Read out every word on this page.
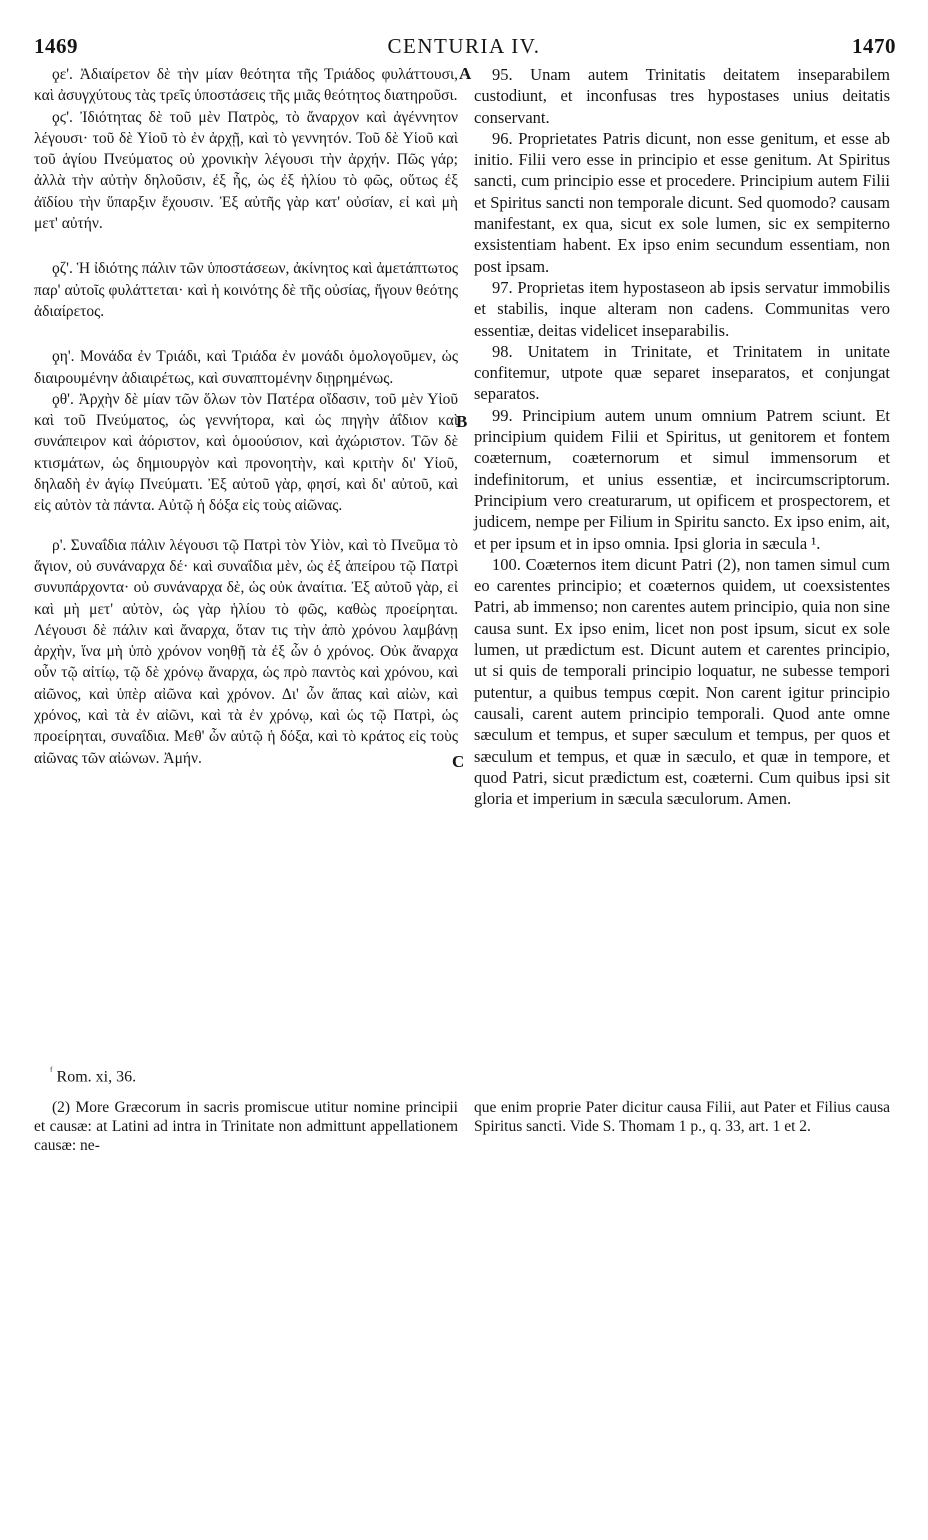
1469	CENTURIA IV.	1470

ϙε'. Ἀδιαίρετον δὲ τὴν μίαν θεότητα τῆς Τριάδος φυλάττουσι, καὶ ἀσυγχύτους τὰς τρεῖς ὑποστάσεις τῆς μιᾶς θεότητος διατηροῦσι.

ϙϛ'. Ἰδιότητας δὲ τοῦ μὲν Πατρὸς, τὸ ἄναρχον καὶ ἀγέννητον λέγουσι· τοῦ δὲ Υἱοῦ τὸ ἐν ἀρχῇ, καὶ τὸ γεννητόν. Τοῦ δὲ Υἱοῦ καὶ τοῦ ἁγίου Πνεύματος οὐ χρονικὴν λέγουσι τὴν ἀρχήν. Πῶς γάρ; ἀλλὰ τὴν αὐτὴν δηλοῦσιν, ἐξ ἧς, ὡς ἐξ ἡλίου τὸ φῶς, οὕτως ἐξ ἀϊδίου τὴν ὕπαρξιν ἔχουσιν. Ἐξ αὐτῆς γὰρ κατ' οὐσίαν, εἰ καὶ μὴ μετ' αὐτήν.

ϙζ'. Ἡ ἰδιότης πάλιν τῶν ὑποστάσεων, ἀκίνητος καὶ ἀμετάπτωτος παρ' αὐτοῖς φυλάττεται· καὶ ἡ κοινότης δὲ τῆς οὐσίας, ἤγουν θεότης ἀδιαίρετος.

ϙη'. Μονάδα ἐν Τριάδι, καὶ Τριάδα ἐν μονάδι ὁμολογοῦμεν, ὡς διαιρουμένην ἀδιαιρέτως, καὶ συναπτομένην διῃρημένως.

ϙθ'. Ἀρχὴν δὲ μίαν τῶν ὅλων τὸν Πατέρα οἴδασιν, τοῦ μὲν Υἱοῦ καὶ τοῦ Πνεύματος, ὡς γεννήτορα, καὶ ὡς πηγὴν ἀΐδιον καὶ συνάπειρον καὶ ἀόριστον, καὶ ὁμοούσιον, καὶ ἀχώριστον. Τῶν δὲ κτισμάτων, ὡς δημιουργὸν καὶ προνοητὴν, καὶ κριτὴν δι' Υἱοῦ, δηλαδὴ ἐν ἁγίῳ Πνεύματι. Ἐξ αὐτοῦ γὰρ, φησί, καὶ δι' αὐτοῦ, καὶ εἰς αὐτὸν τὰ πάντα. Αὐτῷ ἡ δόξα εἰς τοὺς αἰῶνας.

ρ'. Συναΐδια πάλιν λέγουσι τῷ Πατρὶ τὸν Υἱὸν, καὶ τὸ Πνεῦμα τὸ ἅγιον, οὐ συνάναρχα δέ· καὶ συναΐδια μὲν, ὡς ἐξ ἀπείρου τῷ Πατρὶ συνυπάρχοντα· οὐ συνάναρχα δὲ, ὡς οὐκ ἀναίτια. Ἐξ αὐτοῦ γὰρ, εἰ καὶ μὴ μετ' αὐτὸν, ὡς γὰρ ἡλίου τὸ φῶς, καθὼς προείρηται. Λέγουσι δὲ πάλιν καὶ ἄναρχα, ὅταν τις τὴν ἀπὸ χρόνου λαμβάνῃ ἀρχὴν, ἵνα μὴ ὑπὸ χρόνον νοηθῇ τὰ ἐξ ὧν ὁ χρόνος. Οὐκ ἄναρχα οὖν τῷ αἰτίῳ, τῷ δὲ χρόνῳ ἄναρχα, ὡς πρὸ παντὸς καὶ χρόνου, καὶ αἰῶνος, καὶ ὑπὲρ αἰῶνα καὶ χρόνον. Δι' ὧν ἅπας καὶ αἰὼν, καὶ χρόνος, καὶ τὰ ἐν αἰῶνι, καὶ τὰ ἐν χρόνῳ, καὶ ὡς τῷ Πατρὶ, ὡς προείρηται, συναΐδια. Μεθ' ὧν αὐτῷ ἡ δόξα, καὶ τὸ κράτος εἰς τοὺς αἰῶνας τῶν αἰώνων. Ἀμήν.

A
B
C

95. Unam autem Trinitatis deitatem inseparabilem custodiunt, et inconfusas tres hypostases unius deitatis conservant.

96. Proprietates Patris dicunt, non esse genitum, et esse ab initio. Filii vero esse in principio et esse genitum. At Spiritus sancti, cum principio esse et procedere. Principium autem Filii et Spiritus sancti non temporale dicunt. Sed quomodo? causam manifestant, ex qua, sicut ex sole lumen, sic ex sempiterno exsistentiam habent. Ex ipso enim secundum essentiam, non post ipsam.

97. Proprietas item hypostaseon ab ipsis servatur immobilis et stabilis, inque alteram non cadens. Communitas vero essentiæ, deitas videlicet inseparabilis.

98. Unitatem in Trinitate, et Trinitatem in unitate confitemur, utpote quæ separet inseparatos, et conjungat separatos.

99. Principium autem unum omnium Patrem sciunt. Et principium quidem Filii et Spiritus, ut genitorem et fontem coæternum, coæternorum et simul immensorum et indefinitorum, et unius essentiæ, et incircumscriptorum. Principium vero creaturarum, ut opificem et prospectorem, et judicem, nempe per Filium in Spiritu sancto. Ex ipso enim, ait, et per ipsum et in ipso omnia. Ipsi gloria in sæcula ¹.

100. Coæternos item dicunt Patri (2), non tamen simul cum eo carentes principio; et coæternos quidem, ut coexsistentes Patri, ab immenso; non carentes autem principio, quia non sine causa sunt. Ex ipso enim, licet non post ipsum, sicut ex sole lumen, ut prædictum est. Dicunt autem et carentes principio, ut si quis de temporali principio loquatur, ne subesse tempori putentur, a quibus tempus cœpit. Non carent igitur principio causali, carent autem principio temporali. Quod ante omne sæculum et tempus, et super sæculum et tempus, per quos et sæculum et tempus, et quæ in sæculo, et quæ in tempore, et quod Patri, sicut prædictum est, coæterni. Cum quibus ipsi sit gloria et imperium in sæcula sæculorum. Amen.

$^ᶠ$ Rom. xi, 36.

(2) More Græcorum in sacris promiscue utitur nomine principii et causæ: at Latini ad intra in Trinitate non admittunt appellationem causæ: ne-

que enim proprie Pater dicitur causa Filii, aut Pater et Filius causa Spiritus sancti. Vide S. Thomam 1 p., q. 33, art. 1 et 2.
